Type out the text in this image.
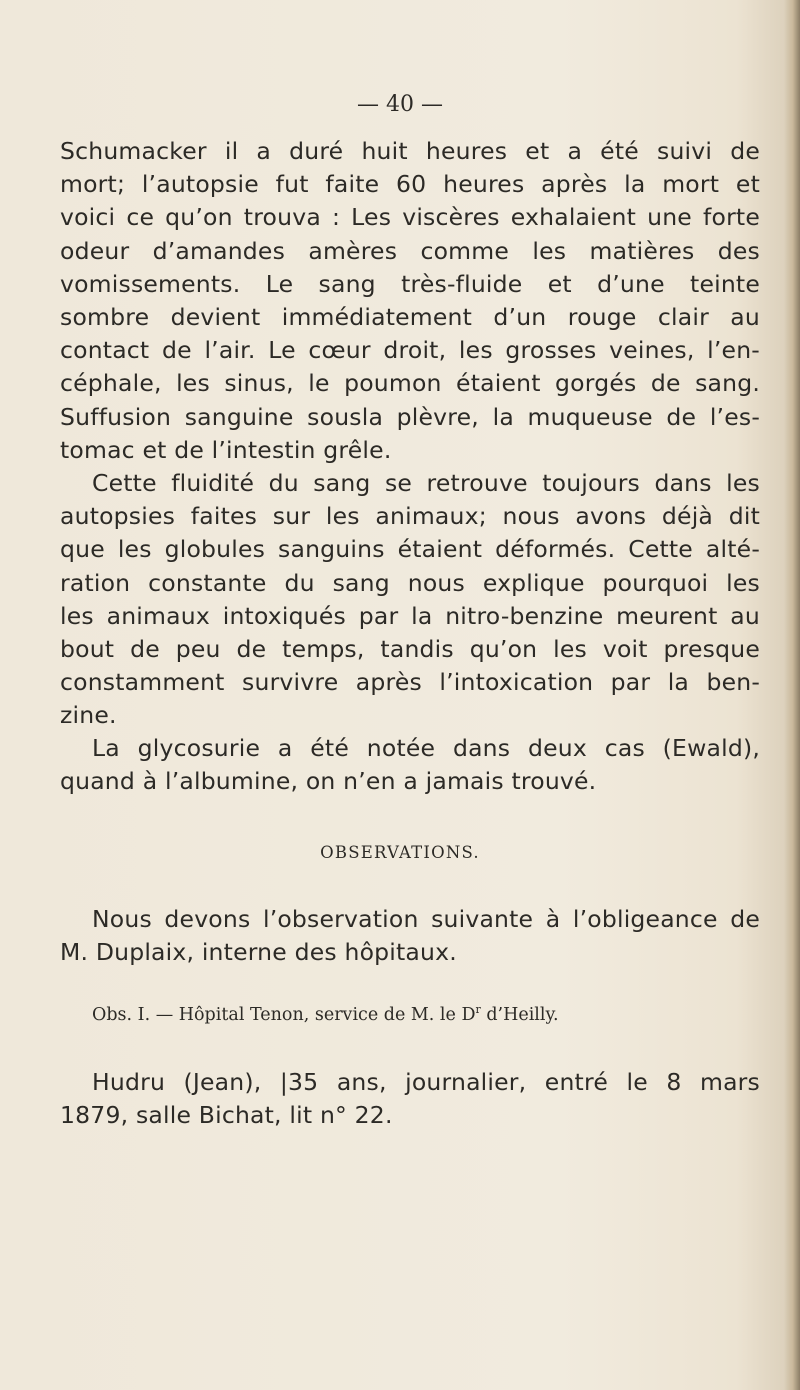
— 40 —

Schumacker il a duré huit heures et a été suivi de

mort; l’autopsie fut faite 60 heures après la mort et

voici ce qu’on trouva : Les viscères exhalaient une forte

odeur d’amandes amères comme les matières des

vomissements. Le sang très-fluide et d’une teinte

sombre devient immédiatement d’un rouge clair au

contact de l’air. Le cœur droit, les grosses veines, l’en-

céphale, les sinus, le poumon étaient gorgés de sang.

Suffusion sanguine sousla plèvre, la muqueuse de l’es-

tomac et de l’intestin grêle.

Cette fluidité du sang se retrouve toujours dans les

autopsies faites sur les animaux; nous avons déjà dit

que les globules sanguins étaient déformés. Cette alté-

ration constante du sang nous explique pourquoi les

les animaux intoxiqués par la nitro-benzine meurent au

bout de peu de temps, tandis qu’on les voit presque

constamment survivre après l’intoxication par la ben-

zine.

La glycosurie a été notée dans deux cas (Ewald),

quand à l’albumine, on n’en a jamais trouvé.

OBSERVATIONS.

Nous devons l’observation suivante à l’obligeance de

M. Duplaix, interne des hôpitaux.

Obs. I. — Hôpital Tenon, service de M. le $D^r$ d’Heilly.

Hudru (Jean), |35 ans, journalier, entré le 8 mars

1879, salle Bichat, lit n° 22.
